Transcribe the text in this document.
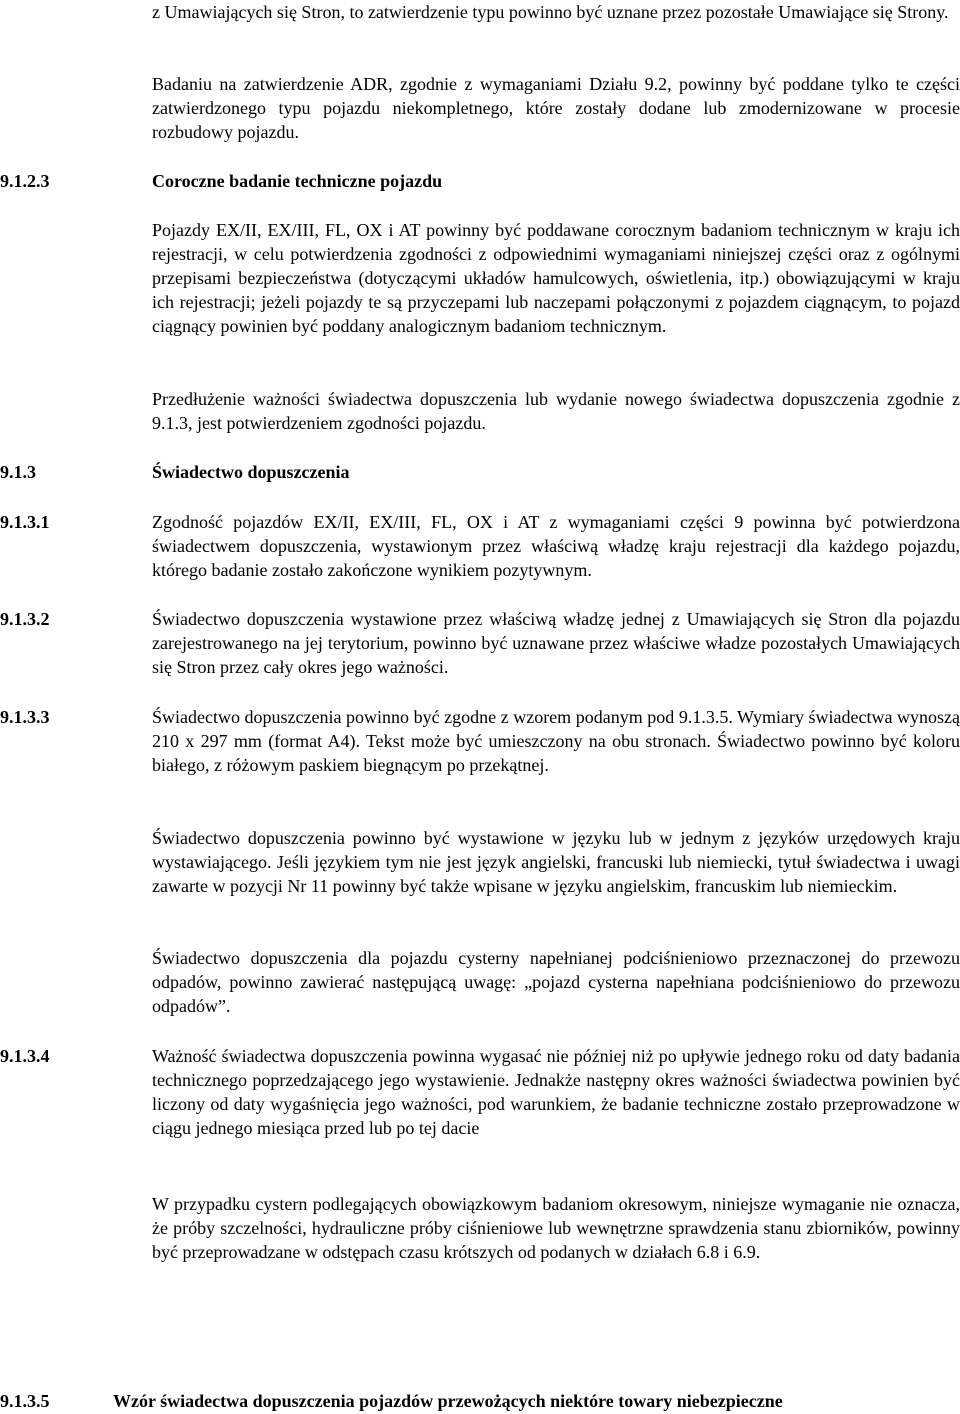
z Umawiających się Stron, to zatwierdzenie typu powinno być uznane przez pozostałe Umawiające się Strony.
Badaniu na zatwierdzenie ADR, zgodnie z wymaganiami Działu 9.2, powinny być poddane tylko te części zatwierdzonego typu pojazdu niekompletnego, które zostały dodane lub zmodernizowane w procesie rozbudowy pojazdu.
9.1.2.3	Coroczne badanie techniczne pojazdu
Pojazdy EX/II, EX/III, FL, OX i AT powinny być poddawane corocznym badaniom technicznym w kraju ich rejestracji, w celu potwierdzenia zgodności z odpowiednimi wymaganiami niniejszej części oraz z ogólnymi przepisami bezpieczeństwa (dotyczącymi układów hamulcowych, oświetlenia, itp.) obowiązującymi w kraju ich rejestracji; jeżeli pojazdy te są przyczepami lub naczepami połączonymi z pojazdem ciągnącym, to pojazd ciągnący powinien być poddany analogicznym badaniom technicznym.
Przedłużenie ważności świadectwa dopuszczenia lub wydanie nowego świadectwa dopuszczenia zgodnie z 9.1.3, jest potwierdzeniem zgodności pojazdu.
9.1.3	Świadectwo dopuszczenia
9.1.3.1	Zgodność pojazdów EX/II, EX/III, FL, OX i AT z wymaganiami części 9 powinna być potwierdzona świadectwem dopuszczenia, wystawionym przez właściwą władzę kraju rejestracji dla każdego pojazdu, którego badanie zostało zakończone wynikiem pozytywnym.
9.1.3.2	Świadectwo dopuszczenia wystawione przez właściwą władzę jednej z Umawiających się Stron dla pojazdu zarejestrowanego na jej terytorium, powinno być uznawane przez właściwe władze pozostałych Umawiających się Stron przez cały okres jego ważności.
9.1.3.3	Świadectwo dopuszczenia powinno być zgodne z wzorem podanym pod 9.1.3.5. Wymiary świadectwa wynoszą 210 x 297 mm (format A4). Tekst może być umieszczony na obu stronach. Świadectwo powinno być koloru białego, z różowym paskiem biegnącym po przekątnej.
Świadectwo dopuszczenia powinno być wystawione w języku lub w jednym z języków urzędowych kraju wystawiającego. Jeśli językiem tym nie jest język angielski, francuski lub niemiecki, tytuł świadectwa i uwagi zawarte w pozycji Nr 11 powinny być także wpisane w języku angielskim, francuskim lub niemieckim.
Świadectwo dopuszczenia dla pojazdu cysterny napełnianej podciśnieniowo przeznaczonej do przewozu odpadów, powinno zawierać następującą uwagę: „pojazd cysterna napełniana podciśnieniowo do przewozu odpadów”.
9.1.3.4	Ważność świadectwa dopuszczenia powinna wygasać nie później niż po upływie jednego roku od daty badania technicznego poprzedzającego jego wystawienie. Jednakże następny okres ważności świadectwa powinien być liczony od daty wygaśnięcia jego ważności, pod warunkiem, że badanie techniczne zostało przeprowadzone w ciągu jednego miesiąca przed lub po tej dacie
W przypadku cystern podlegających obowiązkowym badaniom okresowym, niniejsze wymaganie nie oznacza, że próby szczelności, hydrauliczne próby ciśnieniowe lub wewnętrzne sprawdzenia stanu zbiorników, powinny być przeprowadzane w odstępach czasu krótszych od podanych w działach 6.8 i 6.9.
9.1.3.5	Wzór świadectwa dopuszczenia pojazdów przewożących niektóre towary niebezpieczne
